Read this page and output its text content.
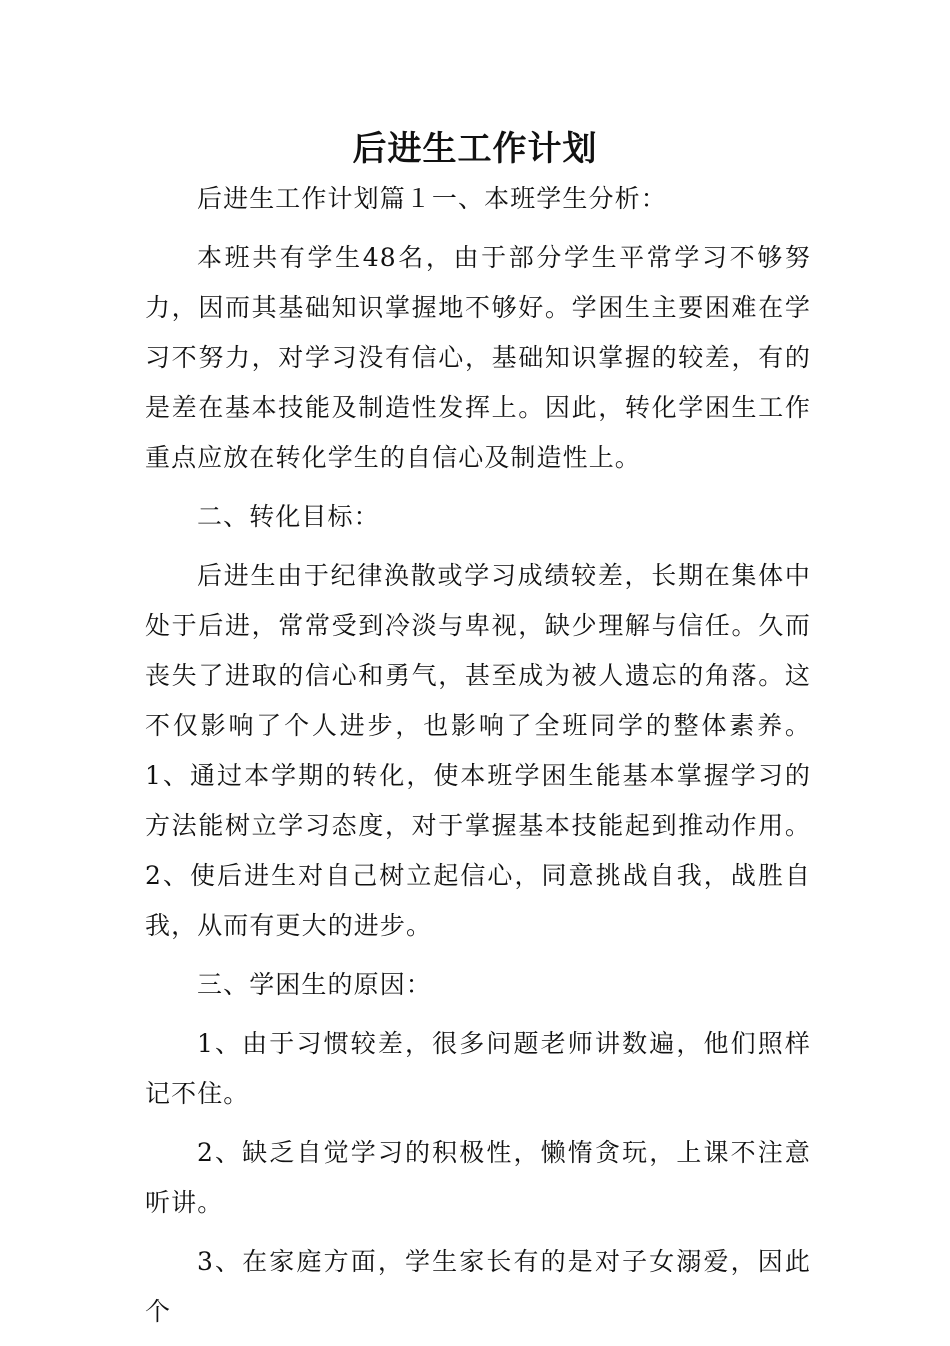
后进生工作计划

后进生工作计划篇１一、本班学生分析：

本班共有学生48名，由于部分学生平常学习不够努力，因而其基础知识掌握地不够好。学困生主要困难在学习不努力，对学习没有信心，基础知识掌握的较差，有的是差在基本技能及制造性发挥上。因此，转化学困生工作重点应放在转化学生的自信心及制造性上。

二、转化目标：

后进生由于纪律涣散或学习成绩较差，长期在集体中处于后进，常常受到冷淡与卑视，缺少理解与信任。久而丧失了进取的信心和勇气，甚至成为被人遗忘的角落。这不仅影响了个人进步，也影响了全班同学的整体素养。1、通过本学期的转化，使本班学困生能基本掌握学习的方法能树立学习态度，对于掌握基本技能起到推动作用。2、使后进生对自己树立起信心，同意挑战自我，战胜自我，从而有更大的进步。

三、学困生的原因：

1、由于习惯较差，很多问题老师讲数遍，他们照样记不住。

2、缺乏自觉学习的积极性，懒惰贪玩，上课不注意听讲。

3、在家庭方面，学生家长有的是对子女溺爱，因此个
